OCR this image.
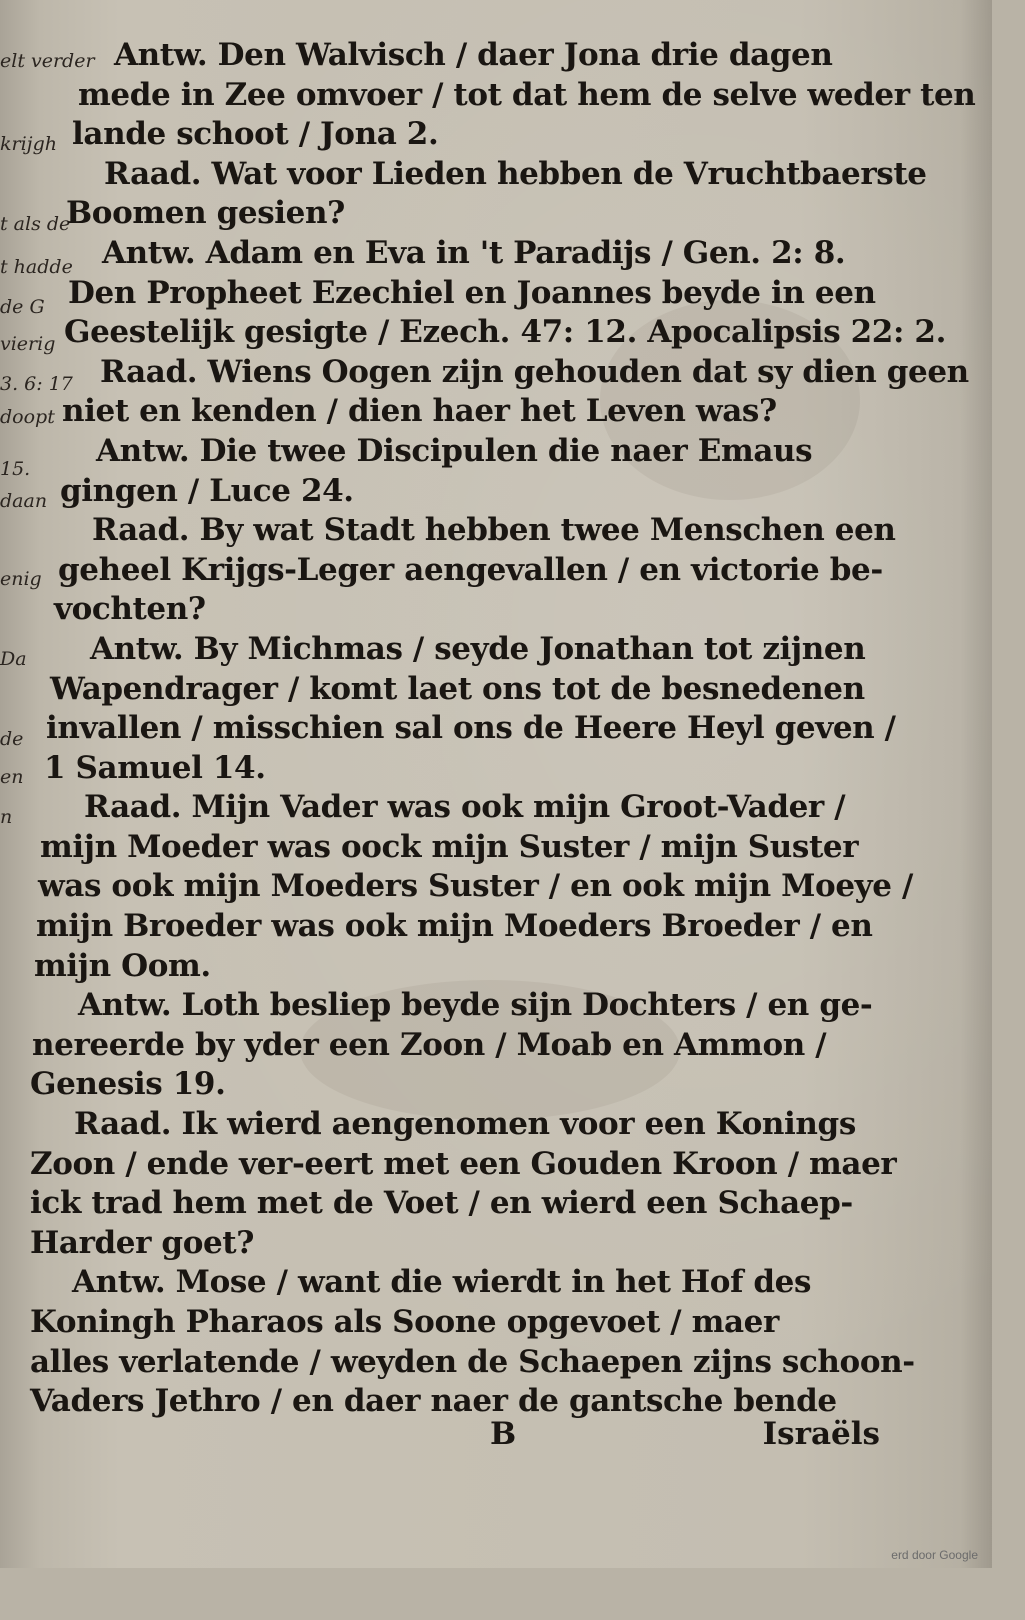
elt verder
krijgh
t als de
t hadde
de G
vierig
3. 6: 17
doopt
15.
daan
enig
Da
de
en
n
Antw. Den Walvisch / daer Jona drie dagen
mede in Zee omvoer / tot dat hem de selve weder ten
lande schoot / Jona 2.
Raad. Wat voor Lieden hebben de Vruchtbaerste
Boomen gesien?
Antw. Adam en Eva in 't Paradijs / Gen. 2: 8.
Den Propheet Ezechiel en Joannes beyde in een
Geestelijk gesigte / Ezech. 47: 12. Apocalipsis 22: 2.
Raad. Wiens Oogen zijn gehouden dat sy dien geen
niet en kenden / dien haer het Leven was?
Antw. Die twee Discipulen die naer Emaus
gingen / Luce 24.
Raad. By wat Stadt hebben twee Menschen een
geheel Krijgs-Leger aengevallen / en victorie be-
vochten?
Antw. By Michmas / seyde Jonathan tot zijnen
Wapendrager / komt laet ons tot de besnedenen
invallen / misschien sal ons de Heere Heyl geven /
1 Samuel 14.
Raad. Mijn Vader was ook mijn Groot-Vader /
mijn Moeder was oock mijn Suster / mijn Suster
was ook mijn Moeders Suster / en ook mijn Moeye /
mijn Broeder was ook mijn Moeders Broeder / en
mijn Oom.
Antw. Loth besliep beyde sijn Dochters / en ge-
nereerde by yder een Zoon / Moab en Ammon /
Genesis 19.
Raad. Ik wierd aengenomen voor een Konings
Zoon / ende ver-eert met een Gouden Kroon / maer
ick trad hem met de Voet / en wierd een Schaep-
Harder goet?
Antw. Mose / want die wierdt in het Hof des
Koningh Pharaos als Soone opgevoet / maer
alles verlatende / weyden de Schaepen zijns schoon-
Vaders Jethro / en daer naer de gantsche bende
B	Israëls
erd door Google
